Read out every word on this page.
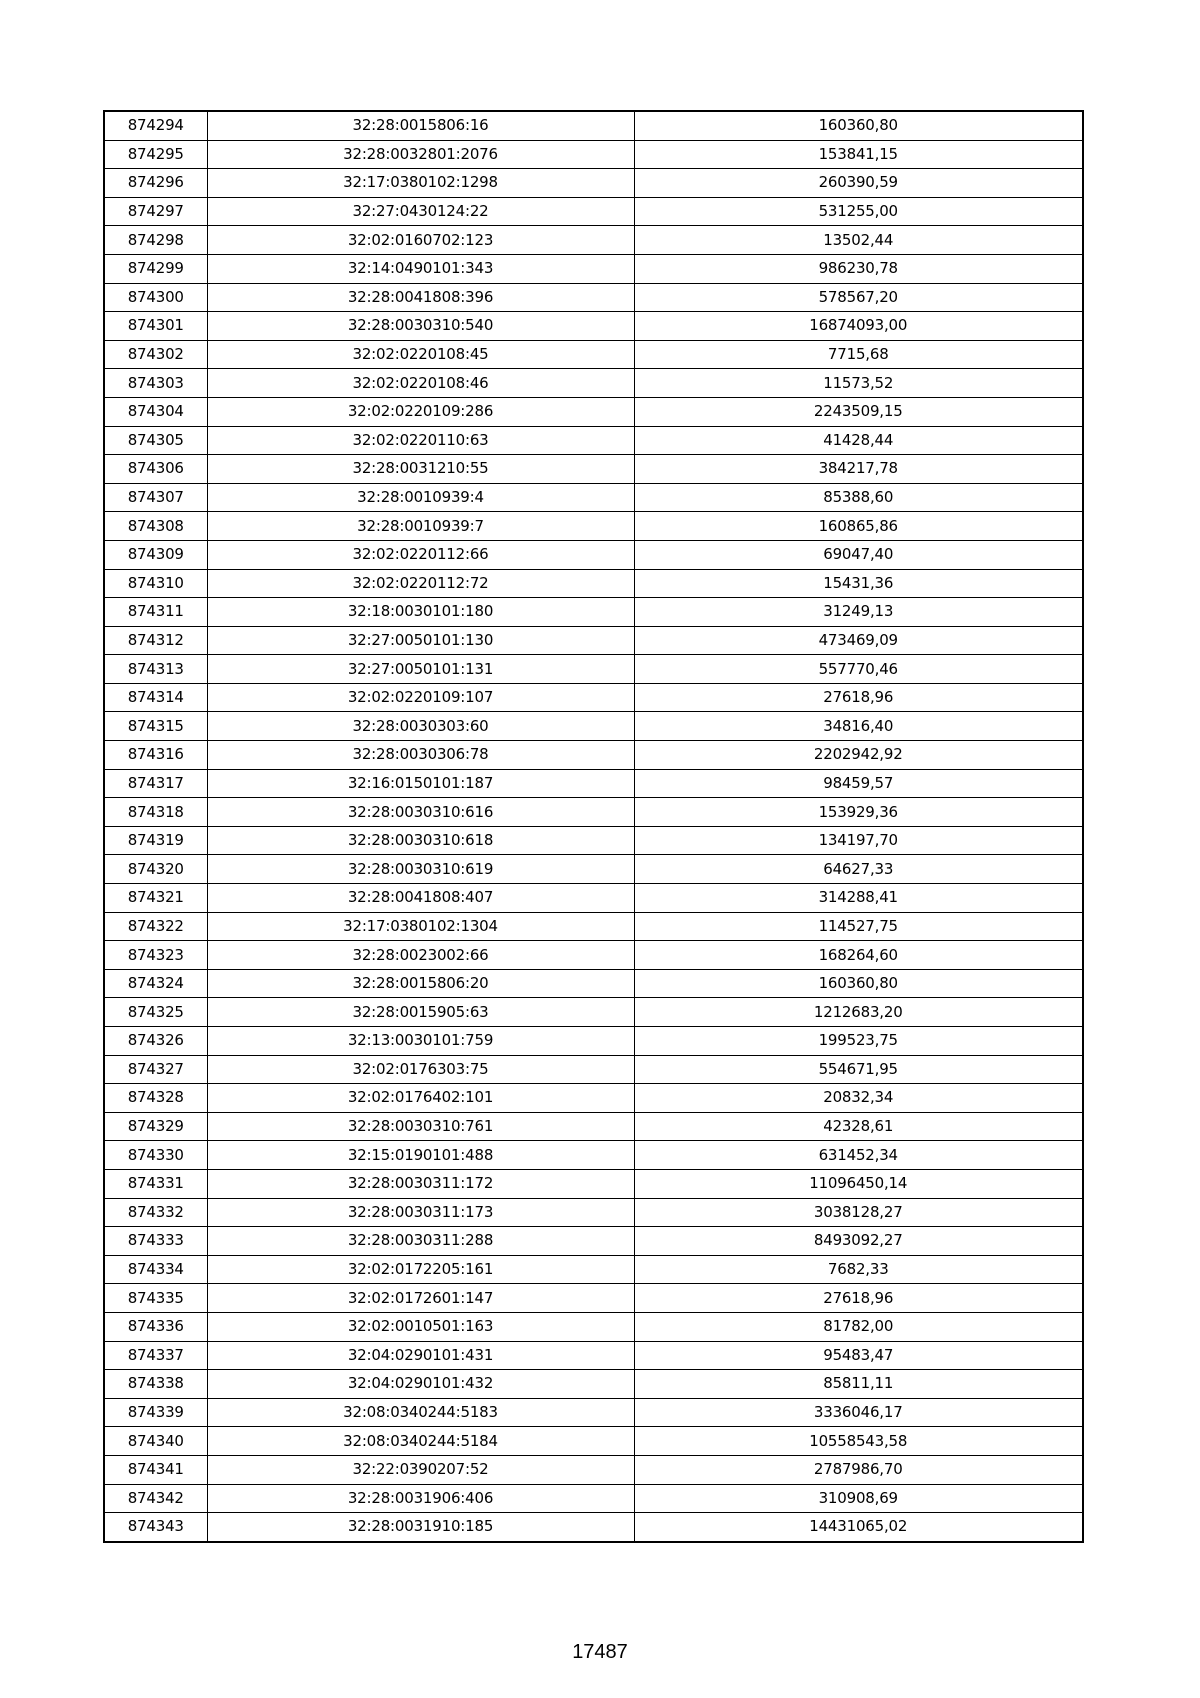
874294	32:28:0015806:16	160360,80
874295	32:28:0032801:2076	153841,15
874296	32:17:0380102:1298	260390,59
874297	32:27:0430124:22	531255,00
874298	32:02:0160702:123	13502,44
874299	32:14:0490101:343	986230,78
874300	32:28:0041808:396	578567,20
874301	32:28:0030310:540	16874093,00
874302	32:02:0220108:45	7715,68
874303	32:02:0220108:46	11573,52
874304	32:02:0220109:286	2243509,15
874305	32:02:0220110:63	41428,44
874306	32:28:0031210:55	384217,78
874307	32:28:0010939:4	85388,60
874308	32:28:0010939:7	160865,86
874309	32:02:0220112:66	69047,40
874310	32:02:0220112:72	15431,36
874311	32:18:0030101:180	31249,13
874312	32:27:0050101:130	473469,09
874313	32:27:0050101:131	557770,46
874314	32:02:0220109:107	27618,96
874315	32:28:0030303:60	34816,40
874316	32:28:0030306:78	2202942,92
874317	32:16:0150101:187	98459,57
874318	32:28:0030310:616	153929,36
874319	32:28:0030310:618	134197,70
874320	32:28:0030310:619	64627,33
874321	32:28:0041808:407	314288,41
874322	32:17:0380102:1304	114527,75
874323	32:28:0023002:66	168264,60
874324	32:28:0015806:20	160360,80
874325	32:28:0015905:63	1212683,20
874326	32:13:0030101:759	199523,75
874327	32:02:0176303:75	554671,95
874328	32:02:0176402:101	20832,34
874329	32:28:0030310:761	42328,61
874330	32:15:0190101:488	631452,34
874331	32:28:0030311:172	11096450,14
874332	32:28:0030311:173	3038128,27
874333	32:28:0030311:288	8493092,27
874334	32:02:0172205:161	7682,33
874335	32:02:0172601:147	27618,96
874336	32:02:0010501:163	81782,00
874337	32:04:0290101:431	95483,47
874338	32:04:0290101:432	85811,11
874339	32:08:0340244:5183	3336046,17
874340	32:08:0340244:5184	10558543,58
874341	32:22:0390207:52	2787986,70
874342	32:28:0031906:406	310908,69
874343	32:28:0031910:185	14431065,02
17487
